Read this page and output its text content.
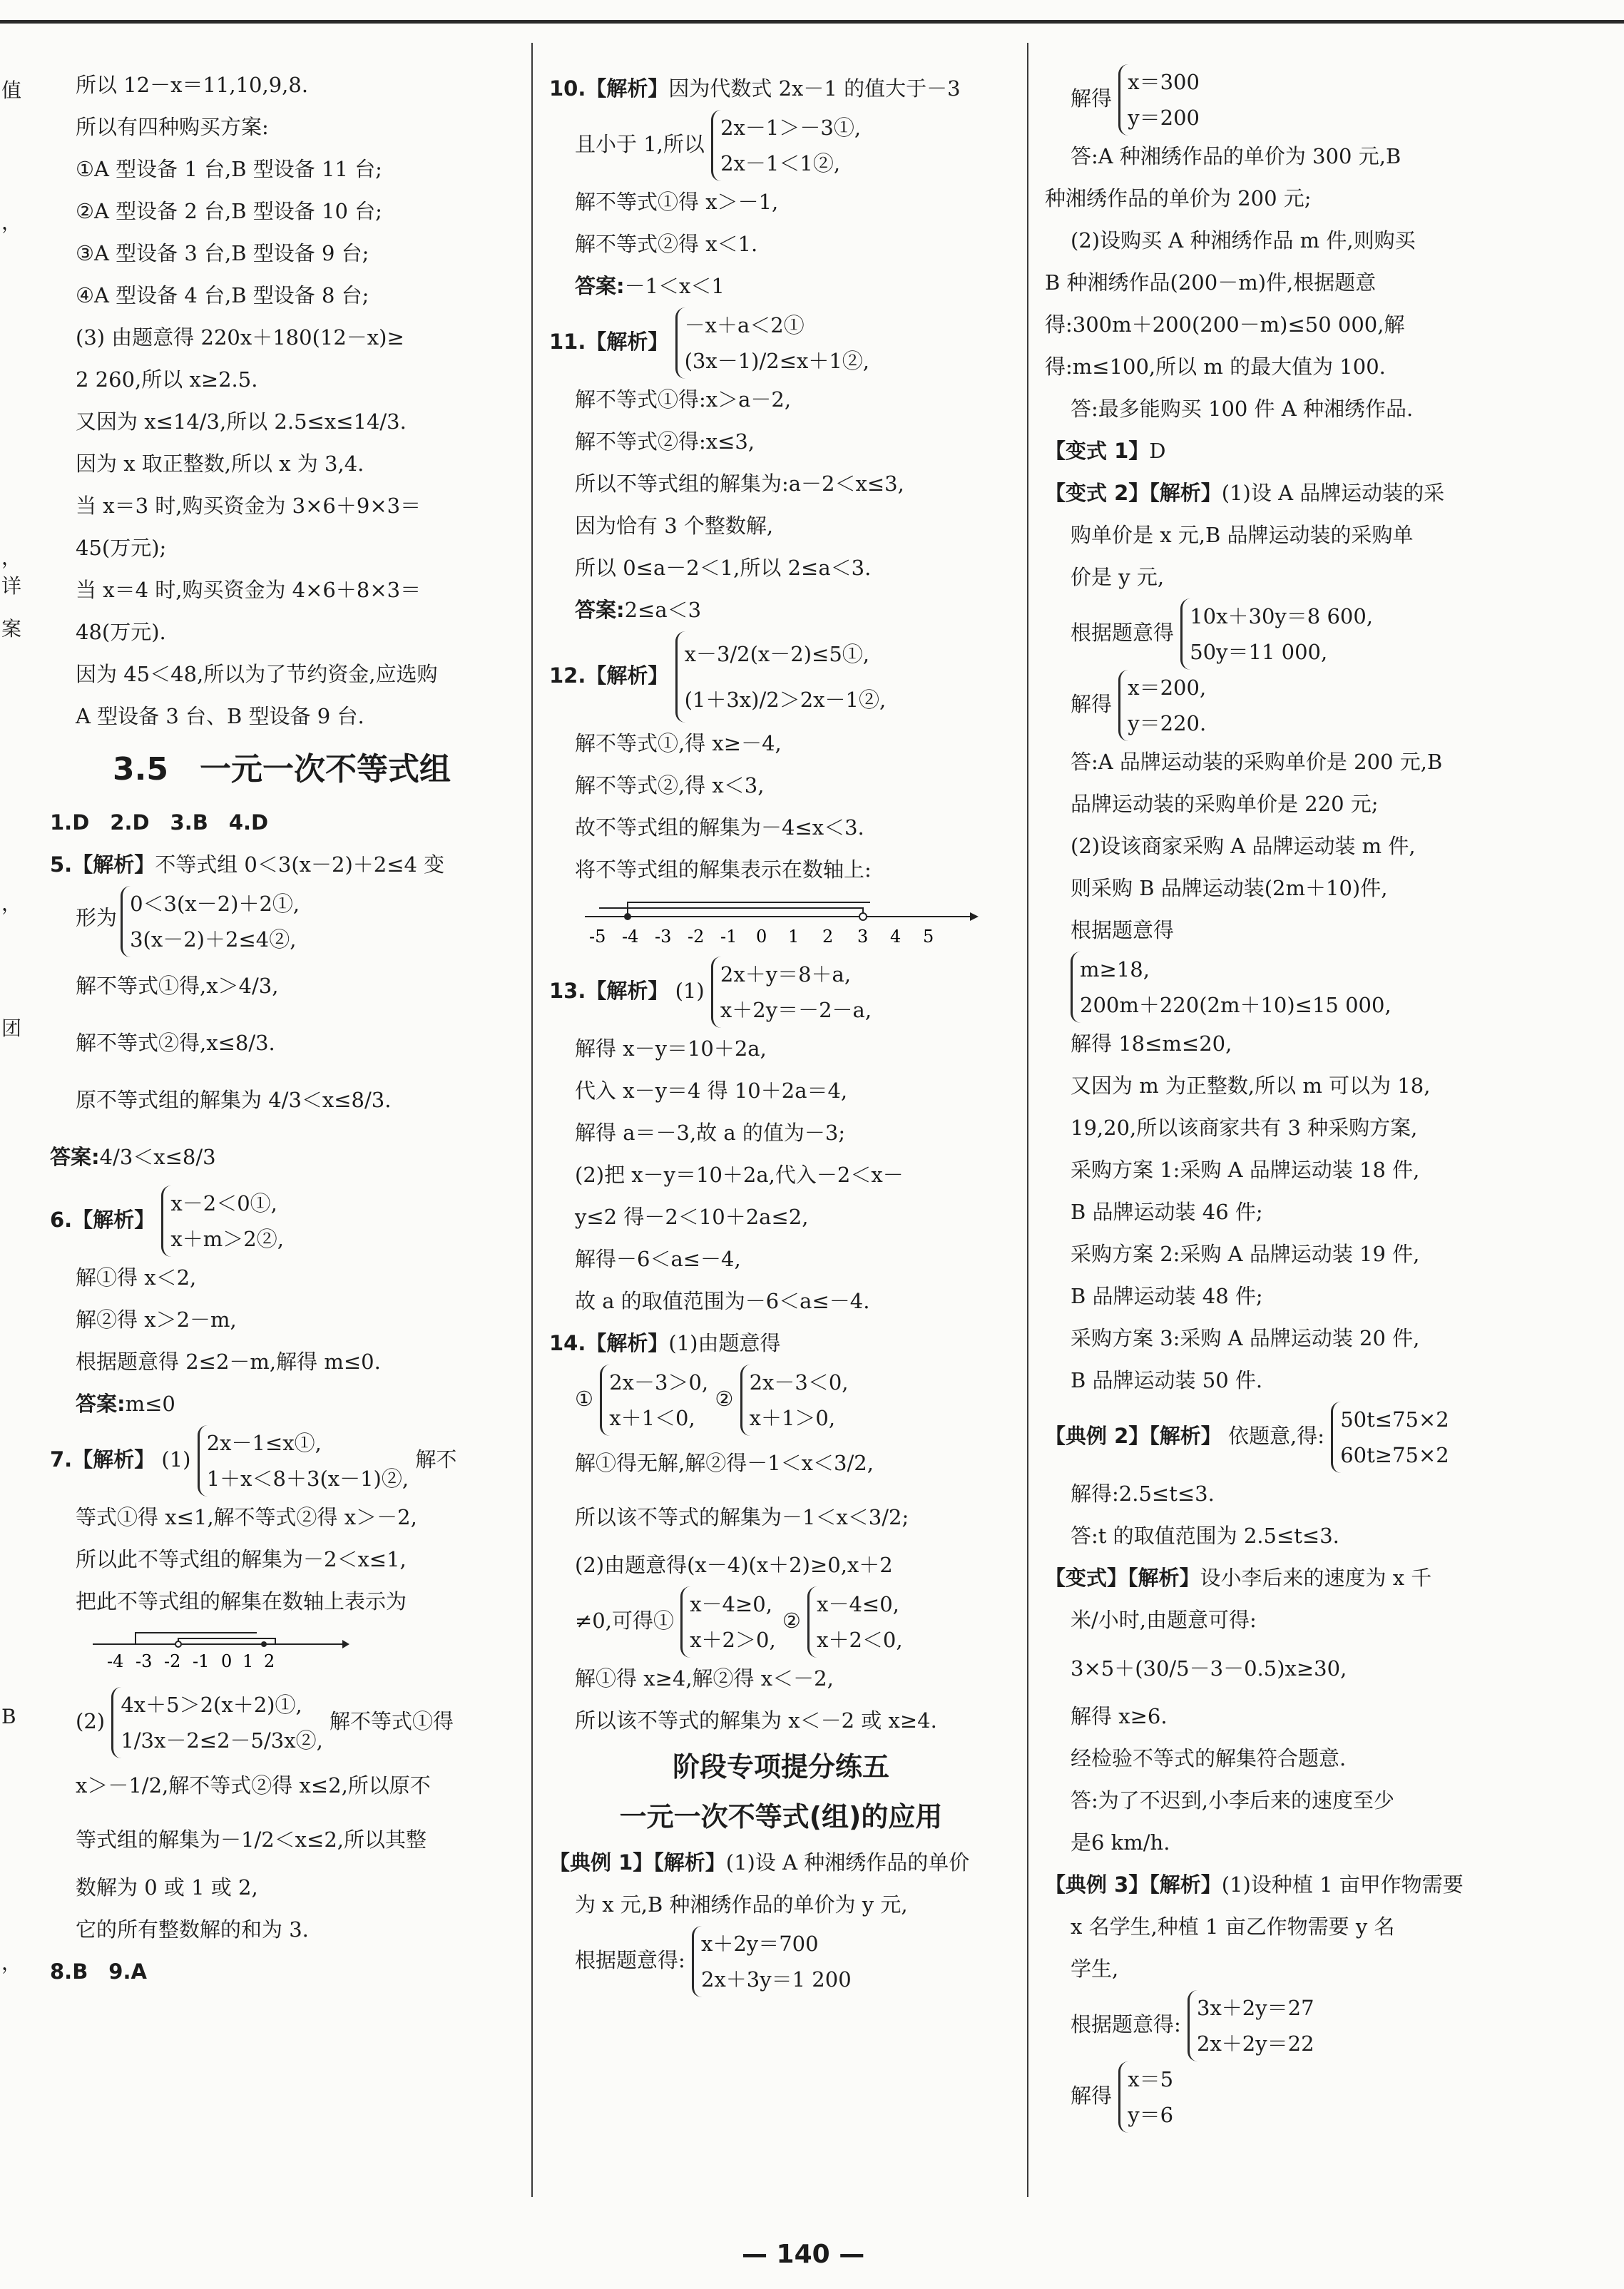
值
，
，
详
案
，
团
B
，
所以 12－x＝11,10,9,8.
所以有四种购买方案:
①A 型设备 1 台,B 型设备 11 台;
②A 型设备 2 台,B 型设备 10 台;
③A 型设备 3 台,B 型设备 9 台;
④A 型设备 4 台,B 型设备 8 台;
(3) 由题意得 220x＋180(12－x)≥
2 260,所以 x≥2.5.
又因为 x≤14/3,所以 2.5≤x≤14/3.
因为 x 取正整数,所以 x 为 3,4.
当 x＝3 时,购买资金为 3×6＋9×3＝
45(万元);
当 x＝4 时,购买资金为 4×6＋8×3＝
48(万元).
因为 45＜48,所以为了节约资金,应选购
A 型设备 3 台、B 型设备 9 台.
3.5　一元一次不等式组
1.D　2.D　3.B　4.D
5.【解析】不等式组 0＜3(x－2)＋2≤4 变
形为
0＜3(x－2)＋2①,
3(x－2)＋2≤4②,
解不等式①得,x＞4/3,
解不等式②得,x≤8/3.
原不等式组的解集为 4/3＜x≤8/3.
答案:4/3＜x≤8/3
6.【解析】
x－2＜0①,
x＋m＞2②,
解①得 x＜2,
解②得 x＞2－m,
根据题意得 2≤2－m,解得 m≤0.
答案:m≤0
7.【解析】 (1)
2x－1≤x①,
1＋x＜8＋3(x－1)②,
解不
等式①得 x≤1,解不等式②得 x＞－2,
所以此不等式组的解集为－2＜x≤1,
把此不等式组的解集在数轴上表示为
-4 -3 -2 -1 0 1 2
(2)
4x＋5＞2(x＋2)①,
1/3x－2≤2－5/3x②,
解不等式①得
x＞－1/2,解不等式②得 x≤2,所以原不
等式组的解集为－1/2＜x≤2,所以其整
数解为 0 或 1 或 2,
它的所有整数解的和为 3.
8.B　9.A
10.【解析】因为代数式 2x－1 的值大于－3
且小于 1,所以
2x－1＞－3①,
2x－1＜1②,
解不等式①得 x＞－1,
解不等式②得 x＜1.
答案:－1＜x＜1
11.【解析】
－x＋a＜2①
(3x－1)/2≤x＋1②,
解不等式①得:x＞a－2,
解不等式②得:x≤3,
所以不等式组的解集为:a－2＜x≤3,
因为恰有 3 个整数解,
所以 0≤a－2＜1,所以 2≤a＜3.
答案:2≤a＜3
12.【解析】
x－3/2(x－2)≤5①,
(1＋3x)/2＞2x－1②,
解不等式①,得 x≥－4,
解不等式②,得 x＜3,
故不等式组的解集为－4≤x＜3.
将不等式组的解集表示在数轴上:
-5 -4 -3 -2 -1 0 1 2 3 4 5
13.【解析】 (1)
2x＋y＝8＋a,
x＋2y＝－2－a,
解得 x－y＝10＋2a,
代入 x－y＝4 得 10＋2a＝4,
解得 a＝－3,故 a 的值为－3;
(2)把 x－y＝10＋2a,代入－2＜x－
y≤2 得－2＜10＋2a≤2,
解得－6＜a≤－4,
故 a 的取值范围为－6＜a≤－4.
14.【解析】(1)由题意得
①
2x－3＞0,
x＋1＜0,
②
2x－3＜0,
x＋1＞0,
解①得无解,解②得－1＜x＜3/2,
所以该不等式的解集为－1＜x＜3/2;
(2)由题意得(x－4)(x＋2)≥0,x＋2
≠0,可得①
x－4≥0,
x＋2＞0,
②
x－4≤0,
x＋2＜0,
解①得 x≥4,解②得 x＜－2,
所以该不等式的解集为 x＜－2 或 x≥4.
阶段专项提分练五
一元一次不等式(组)的应用
【典例 1】【解析】(1)设 A 种湘绣作品的单价
为 x 元,B 种湘绣作品的单价为 y 元,
根据题意得:
x＋2y＝700
2x＋3y＝1 200
解得
x＝300
y＝200
答:A 种湘绣作品的单价为 300 元,B
种湘绣作品的单价为 200 元;
(2)设购买 A 种湘绣作品 m 件,则购买
B 种湘绣作品(200－m)件,根据题意
得:300m＋200(200－m)≤50 000,解
得:m≤100,所以 m 的最大值为 100.
答:最多能购买 100 件 A 种湘绣作品.
【变式 1】D
【变式 2】【解析】(1)设 A 品牌运动装的采
购单价是 x 元,B 品牌运动装的采购单
价是 y 元,
根据题意得
10x＋30y＝8 600,
50y＝11 000,
解得
x＝200,
y＝220.
答:A 品牌运动装的采购单价是 200 元,B
品牌运动装的采购单价是 220 元;
(2)设该商家采购 A 品牌运动装 m 件,
则采购 B 品牌运动装(2m＋10)件,
根据题意得
m≥18,
200m＋220(2m＋10)≤15 000,
解得 18≤m≤20,
又因为 m 为正整数,所以 m 可以为 18,
19,20,所以该商家共有 3 种采购方案,
采购方案 1:采购 A 品牌运动装 18 件,
B 品牌运动装 46 件;
采购方案 2:采购 A 品牌运动装 19 件,
B 品牌运动装 48 件;
采购方案 3:采购 A 品牌运动装 20 件,
B 品牌运动装 50 件.
【典例 2】【解析】 依题意,得:
50t≤75×2
60t≥75×2
解得:2.5≤t≤3.
答:t 的取值范围为 2.5≤t≤3.
【变式】【解析】设小李后来的速度为 x 千
米/小时,由题意可得:
3×5＋(30/5－3－0.5)x≥30,
解得 x≥6.
经检验不等式的解集符合题意.
答:为了不迟到,小李后来的速度至少
是6 km/h.
【典例 3】【解析】(1)设种植 1 亩甲作物需要
x 名学生,种植 1 亩乙作物需要 y 名
学生,
根据题意得:
3x＋2y＝27
2x＋2y＝22
解得
x＝5
y＝6
— 140 —
